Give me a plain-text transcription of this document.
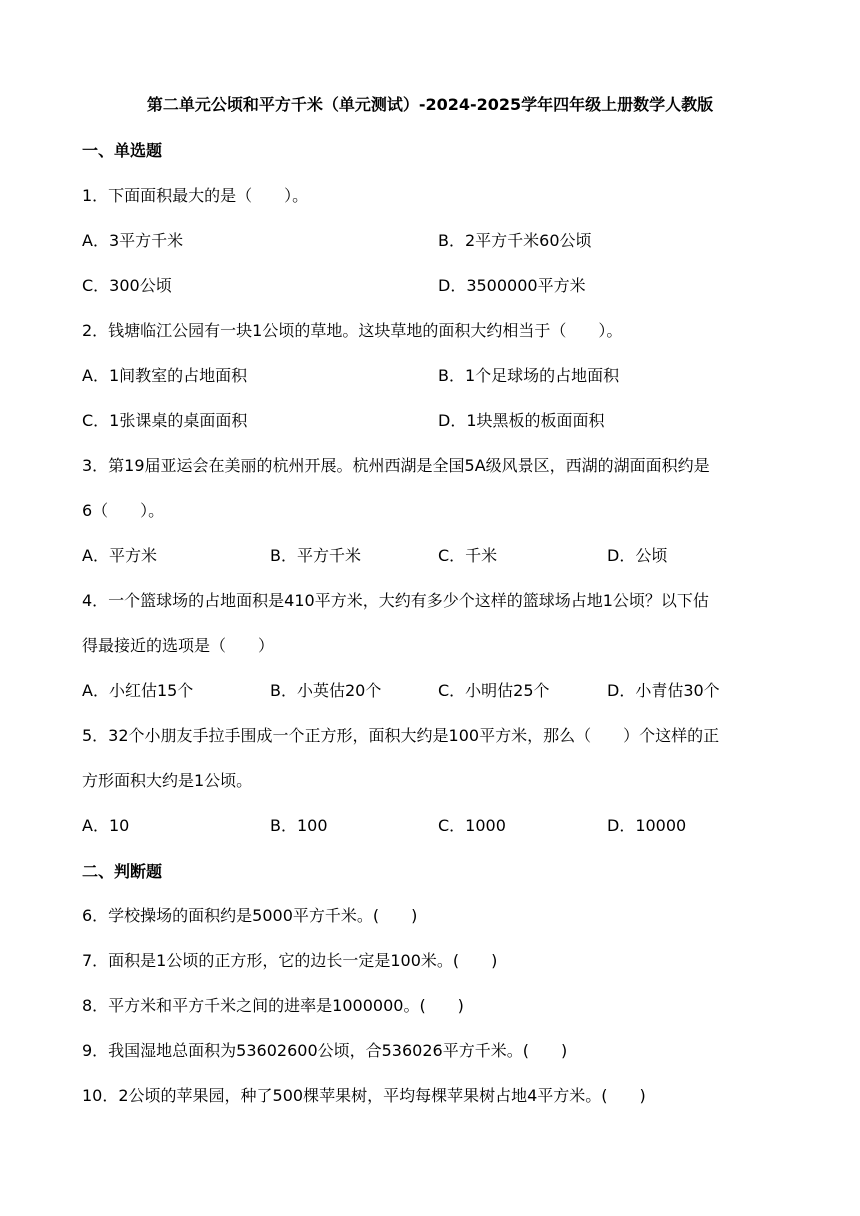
第二单元公顷和平方千米（单元测试）-2024-2025学年四年级上册数学人教版
一、单选题
1．下面面积最大的是（　　）。
A．3平方千米	B．2平方千米60公顷
C．300公顷	D．3500000平方米
2．钱塘临江公园有一块1公顷的草地。这块草地的面积大约相当于（　　）。
A．1间教室的占地面积	B．1个足球场的占地面积
C．1张课桌的桌面面积	D．1块黑板的板面面积
3．第19届亚运会在美丽的杭州开展。杭州西湖是全国5A级风景区，西湖的湖面面积约是
6（　　）。
A．平方米	B．平方千米	C．千米	D．公顷
4．一个篮球场的占地面积是410平方米，大约有多少个这样的篮球场占地1公顷？以下估
得最接近的选项是（　　）
A．小红估15个	B．小英估20个	C．小明估25个	D．小青估30个
5．32个小朋友手拉手围成一个正方形，面积大约是100平方米，那么（　　）个这样的正
方形面积大约是1公顷。
A．10	B．100	C．1000	D．10000
二、判断题
6．学校操场的面积约是5000平方千米。(　　)
7．面积是1公顷的正方形，它的边长一定是100米。(　　)
8．平方米和平方千米之间的进率是1000000。(　　)
9．我国湿地总面积为53602600公顷，合536026平方千米。(　　)
10．2公顷的苹果园，种了500棵苹果树，平均每棵苹果树占地4平方米。(　　)
